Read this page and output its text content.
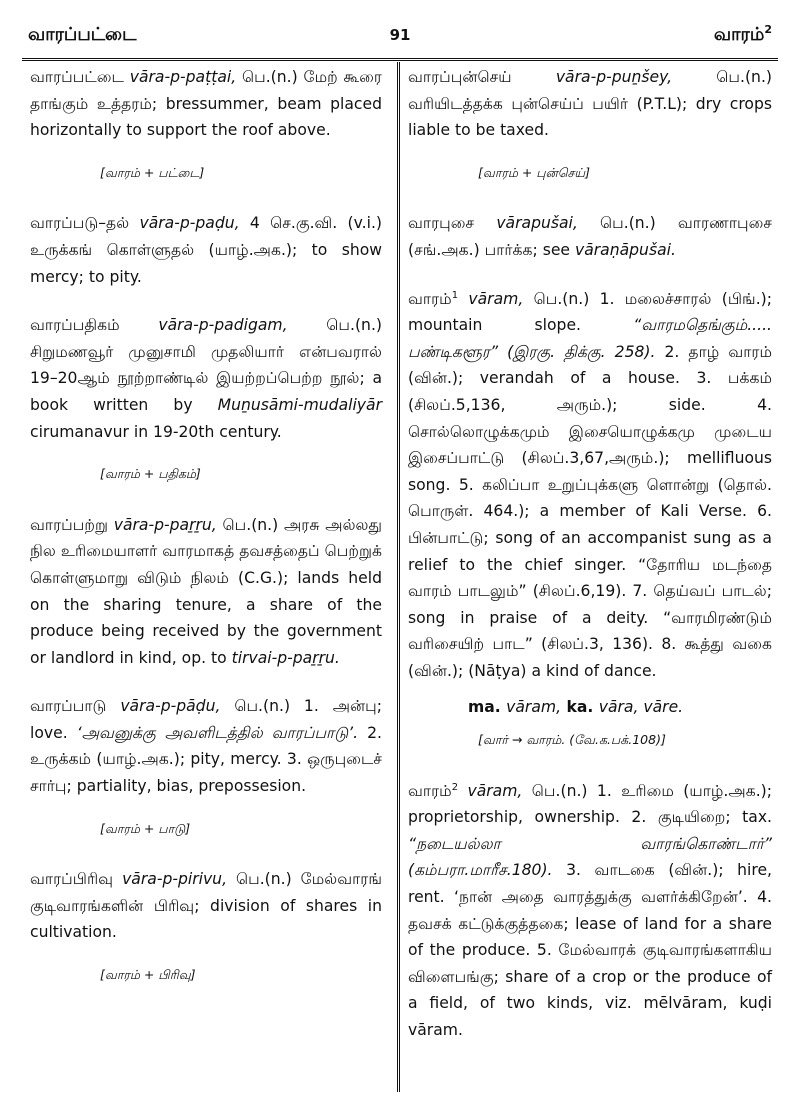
வாரப்பட்டை	91	வாரம்$^2$
வாரப்பட்டை vāra-p-paṭṭai, பெ.(n.) மேற் கூரை தாங்கும் உத்தரம்; bressummer, beam placed horizontally to support the roof above.
[வாரம் + பட்டை]
வாரப்படு–தல் vāra-p-paḍu, 4 செ.கு.வி. (v.i.) உருக்கங் கொள்ளுதல் (யாழ்.அக.); to show mercy; to pity.
வாரப்பதிகம் vāra-p-padigam, பெ.(n.) சிறுமணவூர் முனுசாமி முதலியார் என்பவரால் 19–20ஆம் நூற்றாண்டில் இயற்றப்பெற்ற நூல்; a book written by Muṉusāmi-mudaliyār cirumanavur in 19-20th century.
[வாரம் + பதிகம்]
வாரப்பற்று vāra-p-paṟṟu, பெ.(n.) அரசு அல்லது நில உரிமையாளர் வாரமாகத் தவசத்தைப் பெற்றுக் கொள்ளுமாறு விடும் நிலம் (C.G.); lands held on the sharing tenure, a share of the produce being received by the government or landlord in kind, op. to tirvai-p-paṟṟu.
வாரப்பாடு vāra-p-pāḍu, பெ.(n.) 1. அன்பு; love. ‘அவனுக்கு அவளிடத்தில் வாரப்பாடு’. 2. உருக்கம் (யாழ்.அக.); pity, mercy. 3. ஒருபுடைச் சார்பு; partiality, bias, prepossesion.
[வாரம் + பாடு]
வாரப்பிரிவு vāra-p-pirivu, பெ.(n.) மேல்வாரங் குடிவாரங்களின் பிரிவு; division of shares in cultivation.
[வாரம் + பிரிவு]
வாரப்புன்செய்	vāra-p-puṉšey, பெ.(n.) வரியிடத்தக்க புன்செய்ப் பயிர் (P.T.L); dry crops liable to be taxed.
[வாரம் + புன்செய்]
வாரபுசை vārapušai, பெ.(n.) வாரணாபுசை (சங்.அக.) பார்க்க; see vāraṇāpušai.
வாரம்$^1$ vāram, பெ.(n.) 1. மலைச்சாரல் (பிங்.); mountain slope. “வாரமதெங்கும்..... பண்டிகளூர” (இரகு. திக்கு. 258). 2. தாழ் வாரம் (வின்.); verandah of a house. 3. பக்கம் (சிலப்.5,136, அரும்.); side. 4. சொல்லொழுக்கமும் இசையொழுக்கமு முடைய இசைப்பாட்டு (சிலப்.3,67,அரும்.); mellifluous song. 5. கலிப்பா உறுப்புக்களு ளொன்று (தொல். பொருள். 464.); a member of Kali Verse. 6. பின்பாட்டு; song of an accompanist sung as a relief to the chief singer. “தோரிய மடந்தை வாரம் பாடலும்” (சிலப்.6,19). 7. தெய்வப் பாடல்; song in praise of a deity. “வாரமிரண்டும் வரிசையிற் பாட” (சிலப்.3, 136). 8. கூத்து வகை (வின்.); (Nāṭya) a kind of dance.
ma. vāram, ka. vāra, vāre.
[வார் → வாரம். (வே.க.பக்.108)]
வாரம்$^2$ vāram, பெ.(n.) 1. உரிமை (யாழ்.அக.); proprietorship, ownership. 2. குடியிறை; tax. “நடையல்லா வாரங்கொண்டார்” (கம்பரா.மாரீச.180). 3. வாடகை (வின்.); hire, rent. ‘நான் அதை வாரத்துக்கு வளர்க்கிறேன்’. 4. தவசக் கட்டுக்குத்தகை; lease of land for a share of the produce. 5. மேல்வாரக் குடிவாரங்களாகிய விளைபங்கு; share of a crop or the produce of a field, of two kinds, viz. mēlvāram, kuḍi vāram.
